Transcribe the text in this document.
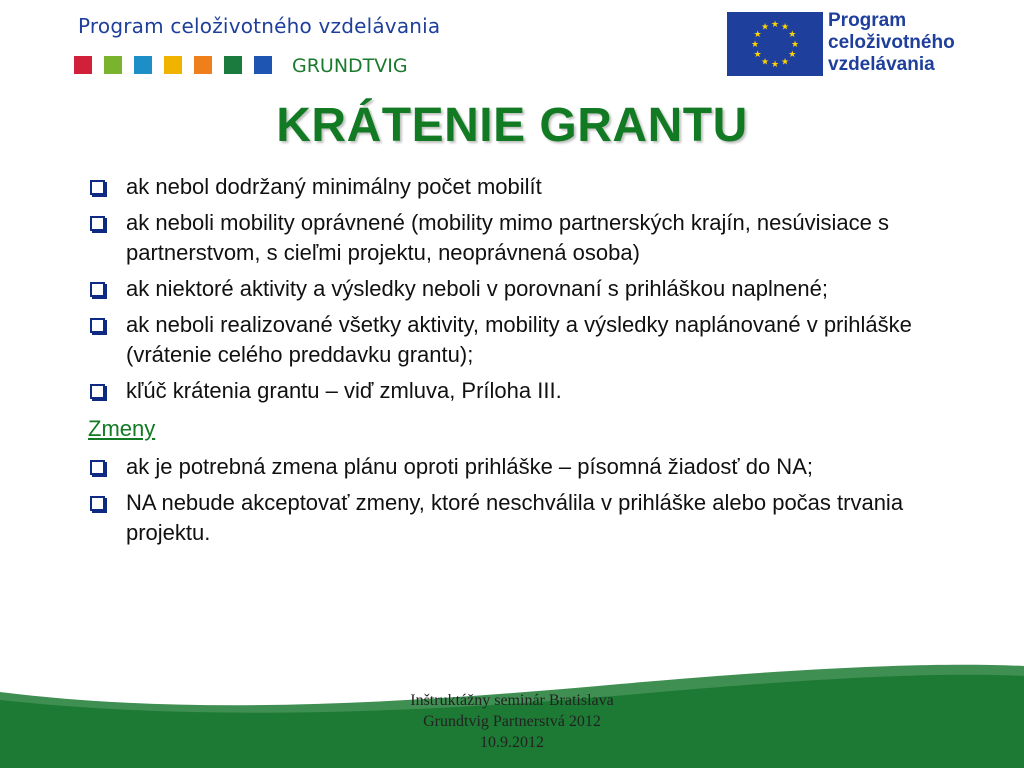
Program celoživotného vzdelávania
GRUNDTVIG
★ ★
★
★
★
★
★
★
★
★
★
★	Program
celoživotného
vzdelávania
KRÁTENIE GRANTU
ak nebol dodržaný minimálny počet mobilít
ak neboli mobility oprávnené (mobility mimo partnerských krajín, nesúvisiace s partnerstvom, s cieľmi projektu, neoprávnená osoba)
ak niektoré aktivity a výsledky neboli v porovnaní s prihláškou naplnené;
ak neboli realizované všetky aktivity, mobility a výsledky naplánované v prihláške (vrátenie celého preddavku grantu);
kľúč krátenia grantu – viď zmluva, Príloha III.
Zmeny
ak je potrebná zmena plánu oproti prihláške – písomná žiadosť do NA;
NA nebude akceptovať zmeny, ktoré neschválila v prihláške alebo počas trvania projektu.
Inštruktážny seminár Bratislava
Grundtvig Partnerstvá 2012
10.9.2012
